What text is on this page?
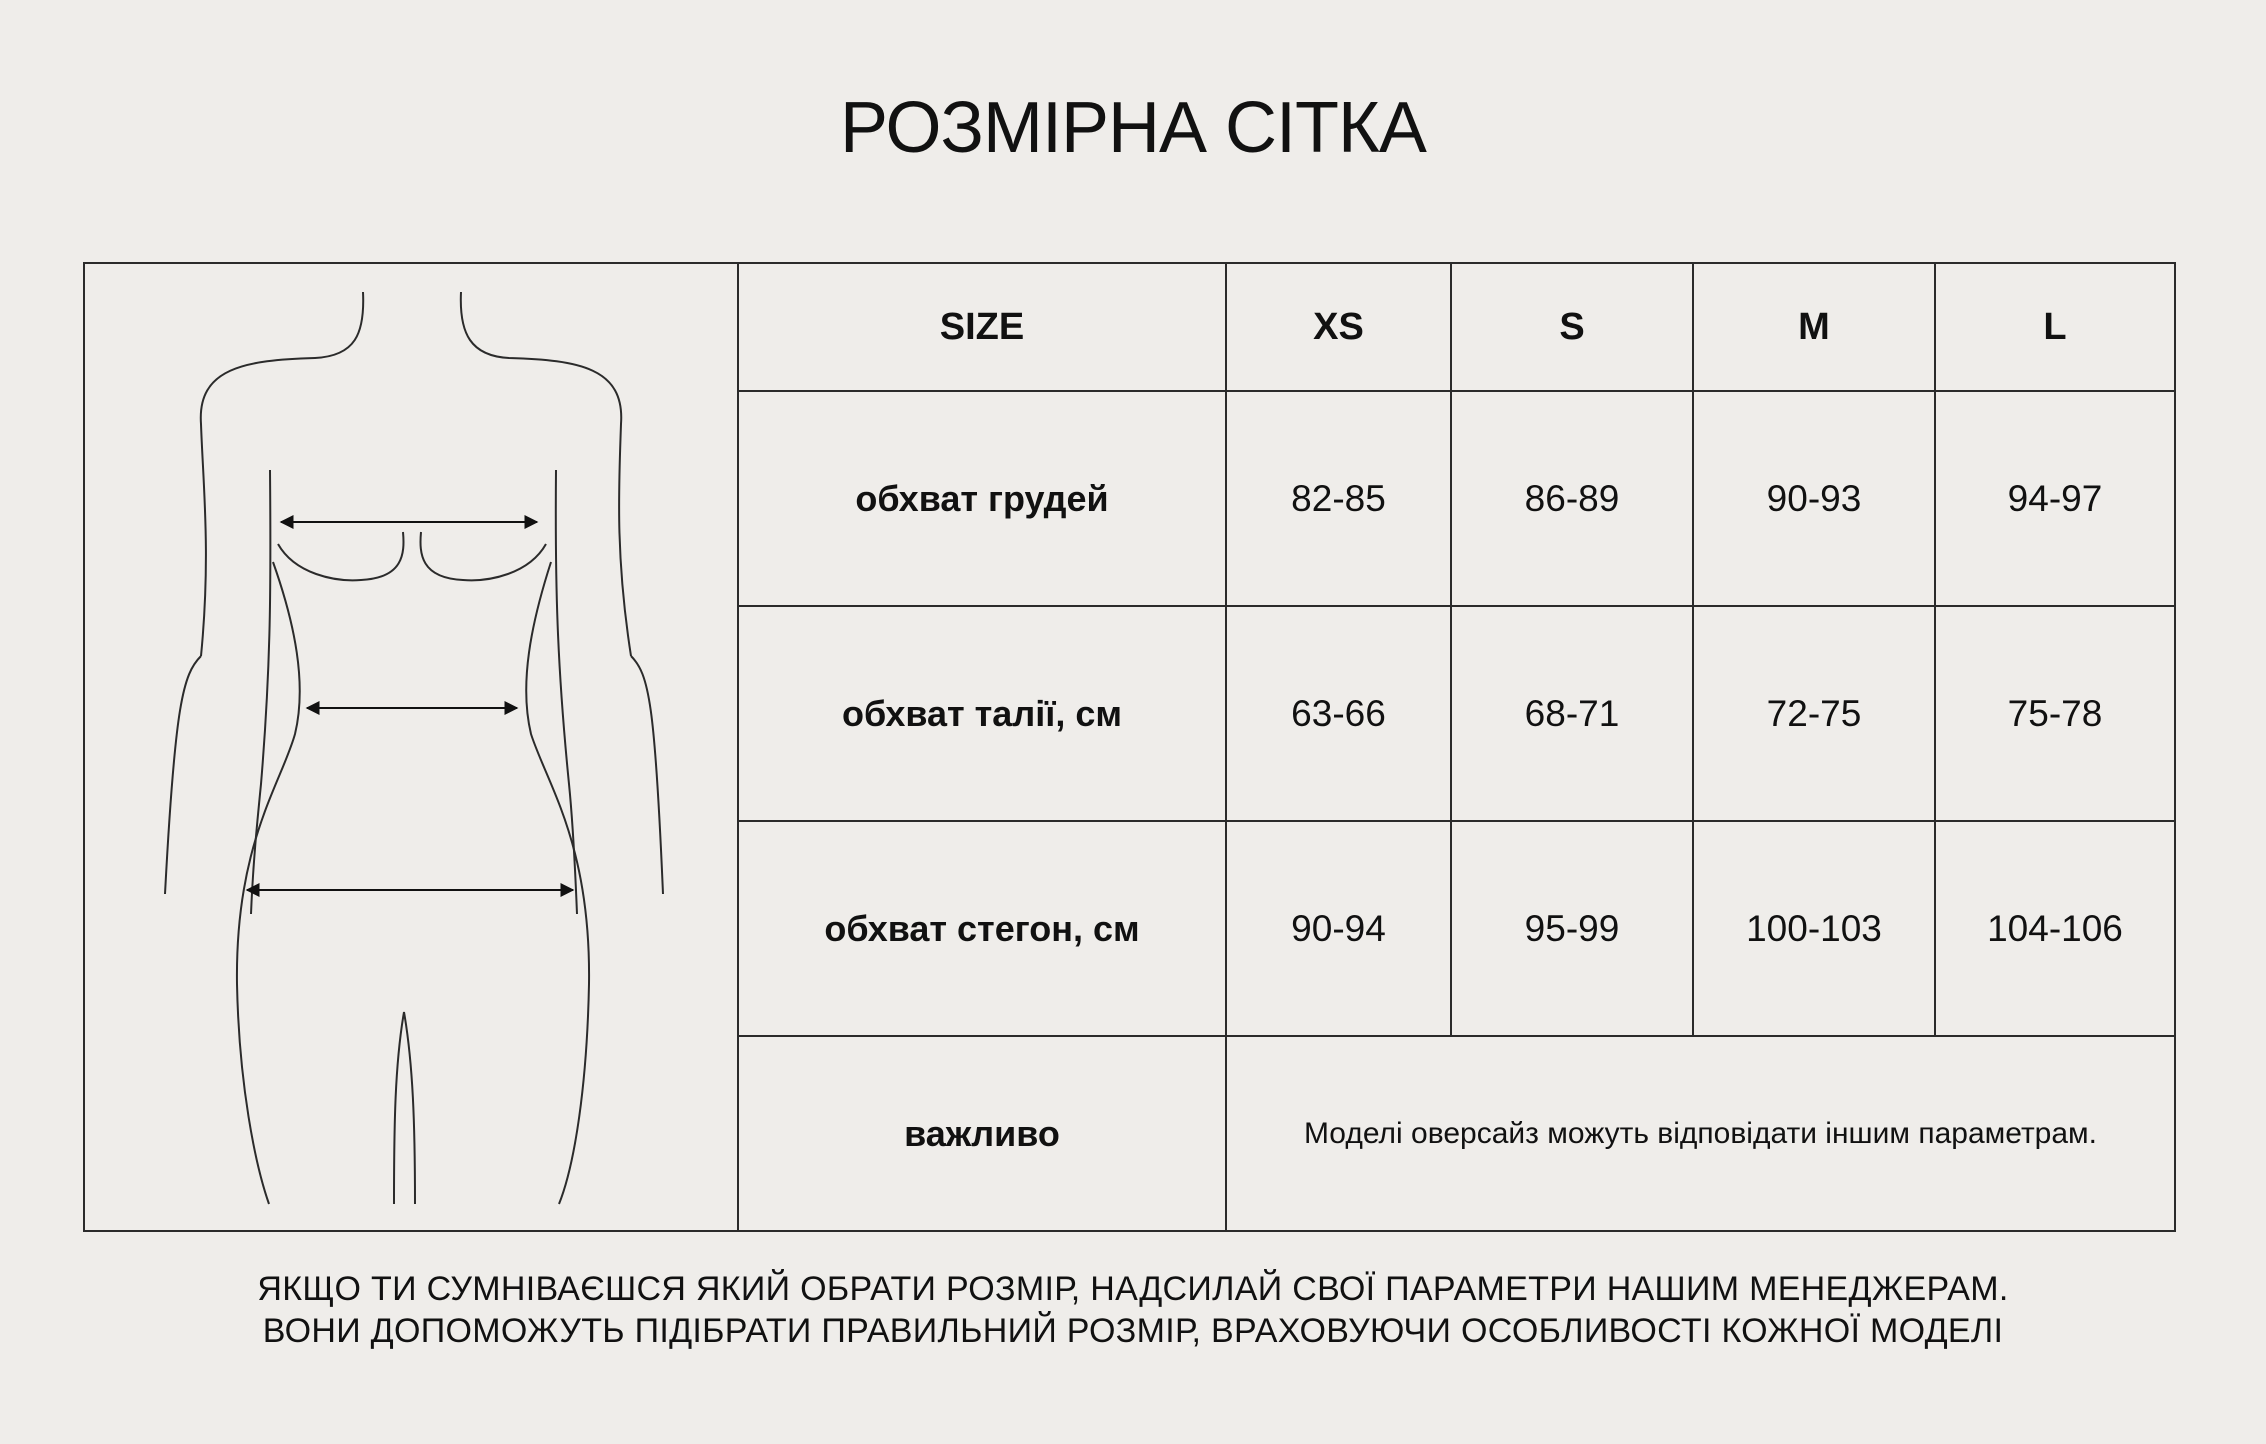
РОЗМІРНА СІТКА
SIZE	XS	S	M	L
обхват грудей	82-85	86-89	90-93	94-97
обхват талії, см	63-66	68-71	72-75	75-78
обхват стегон, см	90-94	95-99	100-103	104-106
важливо	Моделі оверсайз можуть відповідати іншим параметрам.			
ЯКЩО ТИ СУМНІВАЄШСЯ ЯКИЙ ОБРАТИ РОЗМІР, НАДСИЛАЙ СВОЇ ПАРАМЕТРИ НАШИМ МЕНЕДЖЕРАМ.
ВОНИ ДОПОМОЖУТЬ ПІДІБРАТИ ПРАВИЛЬНИЙ РОЗМІР, ВРАХОВУЮЧИ ОСОБЛИВОСТІ КОЖНОЇ МОДЕЛІ
